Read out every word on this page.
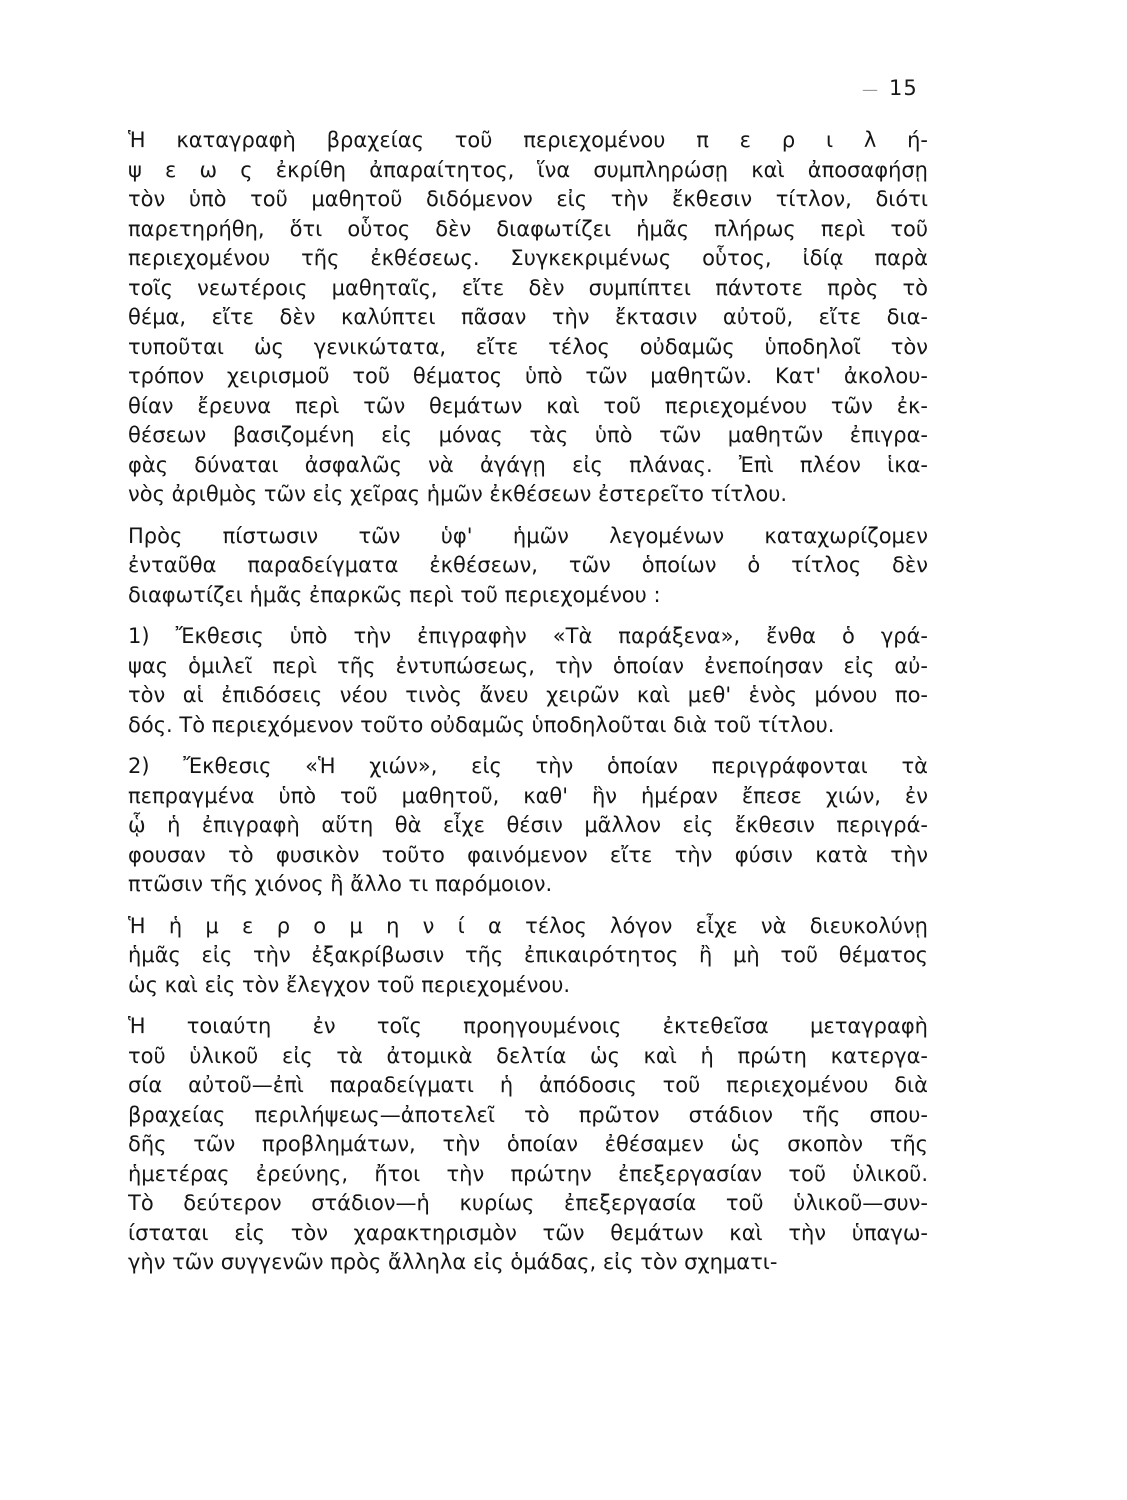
— 15
Ἡ καταγραφὴ βραχείας τοῦ περιεχομένου π ε ρ ι λ ή-
ψ ε ω ς ἐκρίθη ἀπαραίτητος, ἵνα συμπληρώσῃ καὶ ἀποσαφήσῃ
τὸν ὑπὸ τοῦ μαθητοῦ διδόμενον εἰς τὴν ἔκθεσιν τίτλον, διότι
παρετηρήθη, ὅτι οὗτος δὲν διαφωτίζει ἡμᾶς πλήρως περὶ τοῦ
περιεχομένου τῆς ἐκθέσεως. Συγκεκριμένως οὗτος, ἰδίᾳ παρὰ
τοῖς νεωτέροις μαθηταῖς, εἴτε δὲν συμπίπτει πάντοτε πρὸς τὸ
θέμα, εἴτε δὲν καλύπτει πᾶσαν τὴν ἔκτασιν αὐτοῦ, εἴτε δια-
τυποῦται ὡς γενικώτατα, εἴτε τέλος οὐδαμῶς ὑποδηλοῖ τὸν
τρόπον χειρισμοῦ τοῦ θέματος ὑπὸ τῶν μαθητῶν. Κατ' ἀκολου-
θίαν ἔρευνα περὶ τῶν θεμάτων καὶ τοῦ περιεχομένου τῶν ἐκ-
θέσεων βασιζομένη εἰς μόνας τὰς ὑπὸ τῶν μαθητῶν ἐπιγρα-
φὰς δύναται ἀσφαλῶς νὰ ἀγάγῃ εἰς πλάνας. Ἐπὶ πλέον ἱκα-
νὸς ἀριθμὸς τῶν εἰς χεῖρας ἡμῶν ἐκθέσεων ἐστερεῖτο τίτλου.
Πρὸς πίστωσιν τῶν ὑφ' ἡμῶν λεγομένων καταχωρίζομεν
ἐνταῦθα παραδείγματα ἐκθέσεων, τῶν ὁποίων ὁ τίτλος δὲν
διαφωτίζει ἡμᾶς ἐπαρκῶς περὶ τοῦ περιεχομένου :
1) Ἔκθεσις ὑπὸ τὴν ἐπιγραφὴν «Τὰ παράξενα», ἔνθα ὁ γρά-
ψας ὁμιλεῖ περὶ τῆς ἐντυπώσεως, τὴν ὁποίαν ἐνεποίησαν εἰς αὐ-
τὸν αἱ ἐπιδόσεις νέου τινὸς ἄνευ χειρῶν καὶ μεθ' ἑνὸς μόνου πο-
δός. Τὸ περιεχόμενον τοῦτο οὐδαμῶς ὑποδηλοῦται διὰ τοῦ τίτλου.
2) Ἔκθεσις «Ἡ χιών», εἰς τὴν ὁποίαν περιγράφονται τὰ
πεπραγμένα ὑπὸ τοῦ μαθητοῦ, καθ' ἣν ἡμέραν ἔπεσε χιών, ἐν
ᾧ ἡ ἐπιγραφὴ αὕτη θὰ εἶχε θέσιν μᾶλλον εἰς ἔκθεσιν περιγρά-
φουσαν τὸ φυσικὸν τοῦτο φαινόμενον εἴτε τὴν φύσιν κατὰ τὴν
πτῶσιν τῆς χιόνος ἢ ἄλλο τι παρόμοιον.
Ἡ ἡ μ ε ρ ο μ η ν ί α τέλος λόγον εἶχε νὰ διευκολύνῃ
ἡμᾶς εἰς τὴν ἐξακρίβωσιν τῆς ἐπικαιρότητος ἢ μὴ τοῦ θέματος
ὡς καὶ εἰς τὸν ἔλεγχον τοῦ περιεχομένου.
Ἡ τοιαύτη ἐν τοῖς προηγουμένοις ἐκτεθεῖσα μεταγραφὴ
τοῦ ὑλικοῦ εἰς τὰ ἀτομικὰ δελτία ὡς καὶ ἡ πρώτη κατεργα-
σία αὐτοῦ—ἐπὶ παραδείγματι ἡ ἀπόδοσις τοῦ περιεχομένου διὰ
βραχείας περιλήψεως—ἀποτελεῖ τὸ πρῶτον στάδιον τῆς σπου-
δῆς τῶν προβλημάτων, τὴν ὁποίαν ἐθέσαμεν ὡς σκοπὸν τῆς
ἡμετέρας ἐρεύνης, ἤτοι τὴν πρώτην ἐπεξεργασίαν τοῦ ὑλικοῦ.
Τὸ δεύτερον στάδιον—ἡ κυρίως ἐπεξεργασία τοῦ ὑλικοῦ—συν-
ίσταται εἰς τὸν χαρακτηρισμὸν τῶν θεμάτων καὶ τὴν ὑπαγω-
γὴν τῶν συγγενῶν πρὸς ἄλληλα εἰς ὁμάδας, εἰς τὸν σχηματι-
